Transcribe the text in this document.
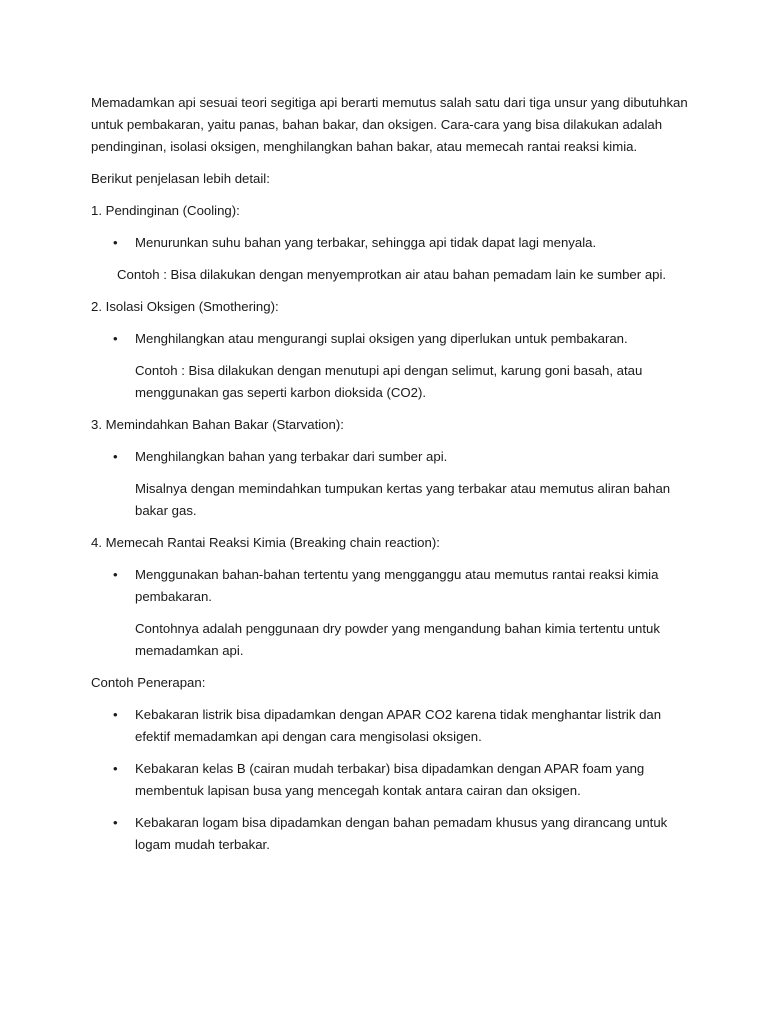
Memadamkan api sesuai teori segitiga api berarti memutus salah satu dari tiga unsur yang dibutuhkan untuk pembakaran, yaitu panas, bahan bakar, dan oksigen. Cara-cara yang bisa dilakukan adalah pendinginan, isolasi oksigen, menghilangkan bahan bakar, atau memecah rantai reaksi kimia.

Berikut penjelasan lebih detail:

1. Pendinginan (Cooling):

• Menurunkan suhu bahan yang terbakar, sehingga api tidak dapat lagi menyala.

Contoh : Bisa dilakukan dengan menyemprotkan air atau bahan pemadam lain ke sumber api.

2. Isolasi Oksigen (Smothering):

• Menghilangkan atau mengurangi suplai oksigen yang diperlukan untuk pembakaran.

Contoh : Bisa dilakukan dengan menutupi api dengan selimut, karung goni basah, atau menggunakan gas seperti karbon dioksida (CO2).

3. Memindahkan Bahan Bakar (Starvation):

• Menghilangkan bahan yang terbakar dari sumber api.

Misalnya dengan memindahkan tumpukan kertas yang terbakar atau memutus aliran bahan bakar gas.

4. Memecah Rantai Reaksi Kimia (Breaking chain reaction):

• Menggunakan bahan-bahan tertentu yang mengganggu atau memutus rantai reaksi kimia pembakaran.

Contohnya adalah penggunaan dry powder yang mengandung bahan kimia tertentu untuk memadamkan api.

Contoh Penerapan:

• Kebakaran listrik bisa dipadamkan dengan APAR CO2 karena tidak menghantar listrik dan efektif memadamkan api dengan cara mengisolasi oksigen.
• Kebakaran kelas B (cairan mudah terbakar) bisa dipadamkan dengan APAR foam yang membentuk lapisan busa yang mencegah kontak antara cairan dan oksigen.
• Kebakaran logam bisa dipadamkan dengan bahan pemadam khusus yang dirancang untuk logam mudah terbakar.
